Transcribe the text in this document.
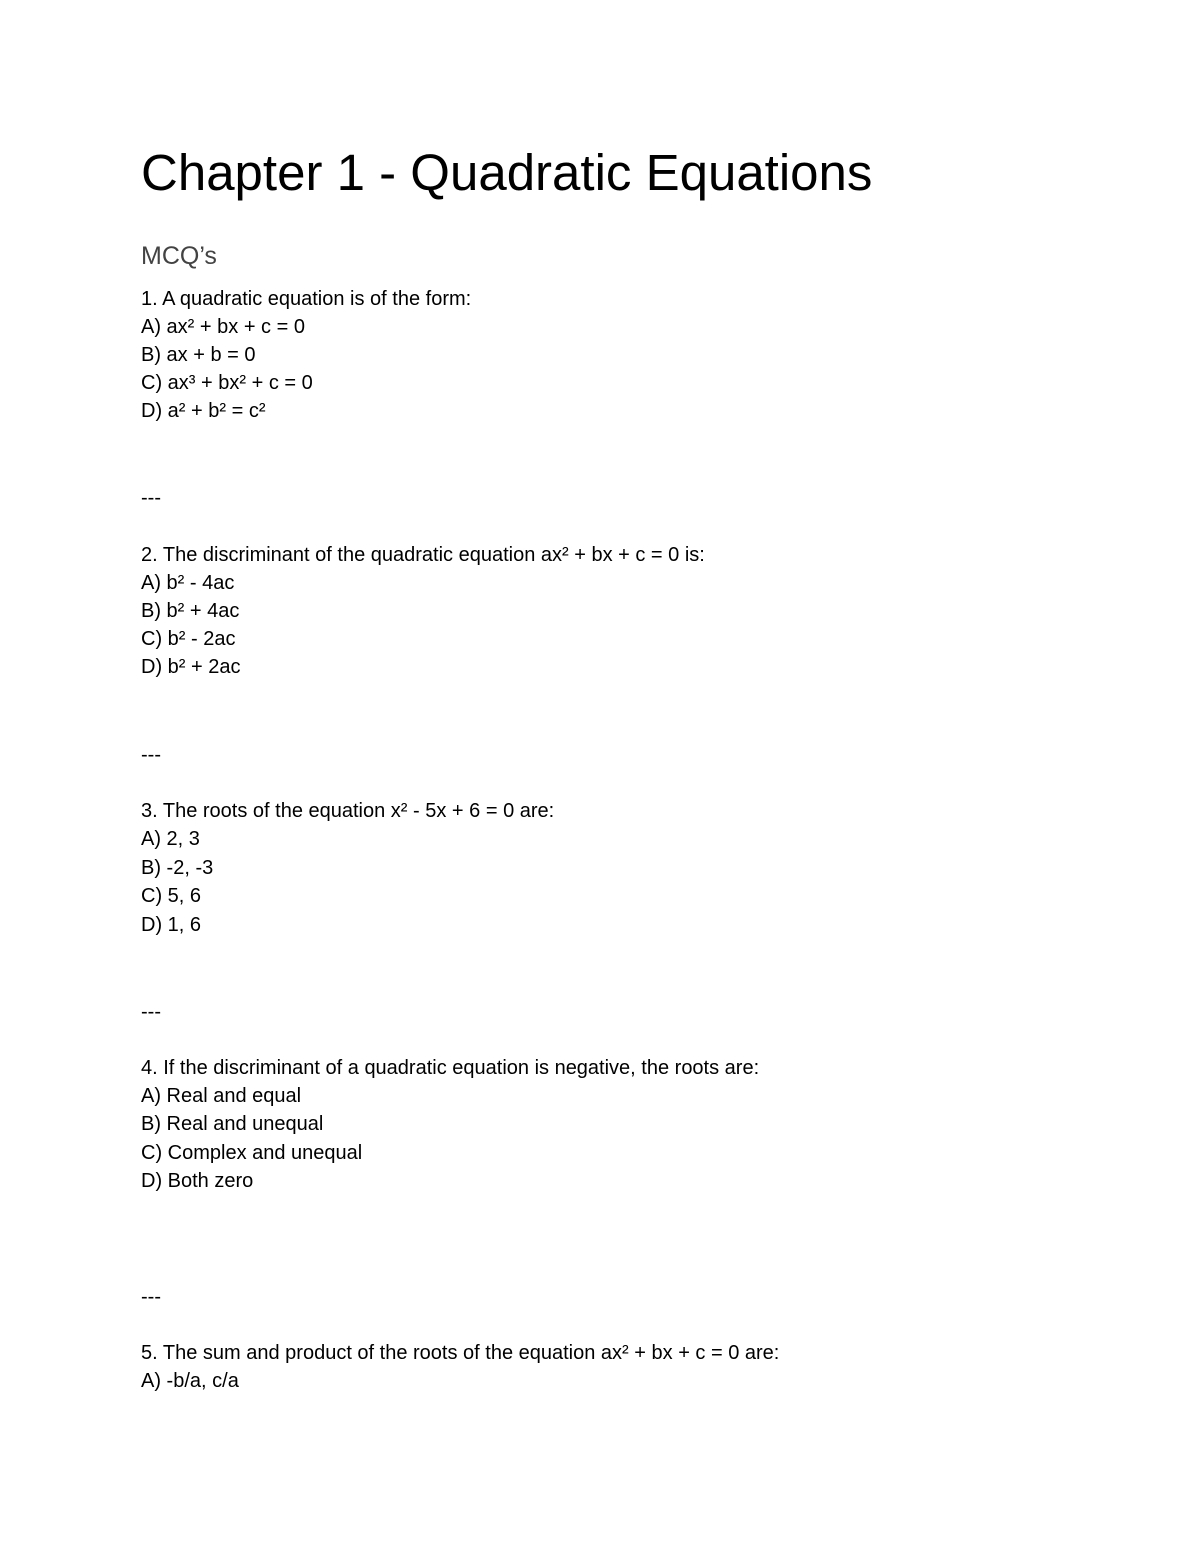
Chapter 1 - Quadratic Equations
MCQ’s

1. A quadratic equation is of the form:

A) ax² + bx + c = 0

B) ax + b = 0

C) ax³ + bx² + c = 0

D) a² + b² = c²

---

2. The discriminant of the quadratic equation ax² + bx + c = 0 is:

A) b² - 4ac

B) b² + 4ac

C) b² - 2ac

D) b² + 2ac

---

3. The roots of the equation x² - 5x + 6 = 0 are:

A) 2, 3

B) -2, -3

C) 5, 6

D) 1, 6

---

4. If the discriminant of a quadratic equation is negative, the roots are:

A) Real and equal

B) Real and unequal

C) Complex and unequal

D) Both zero

---

5. The sum and product of the roots of the equation ax² + bx + c = 0 are:

A) -b/a, c/a
